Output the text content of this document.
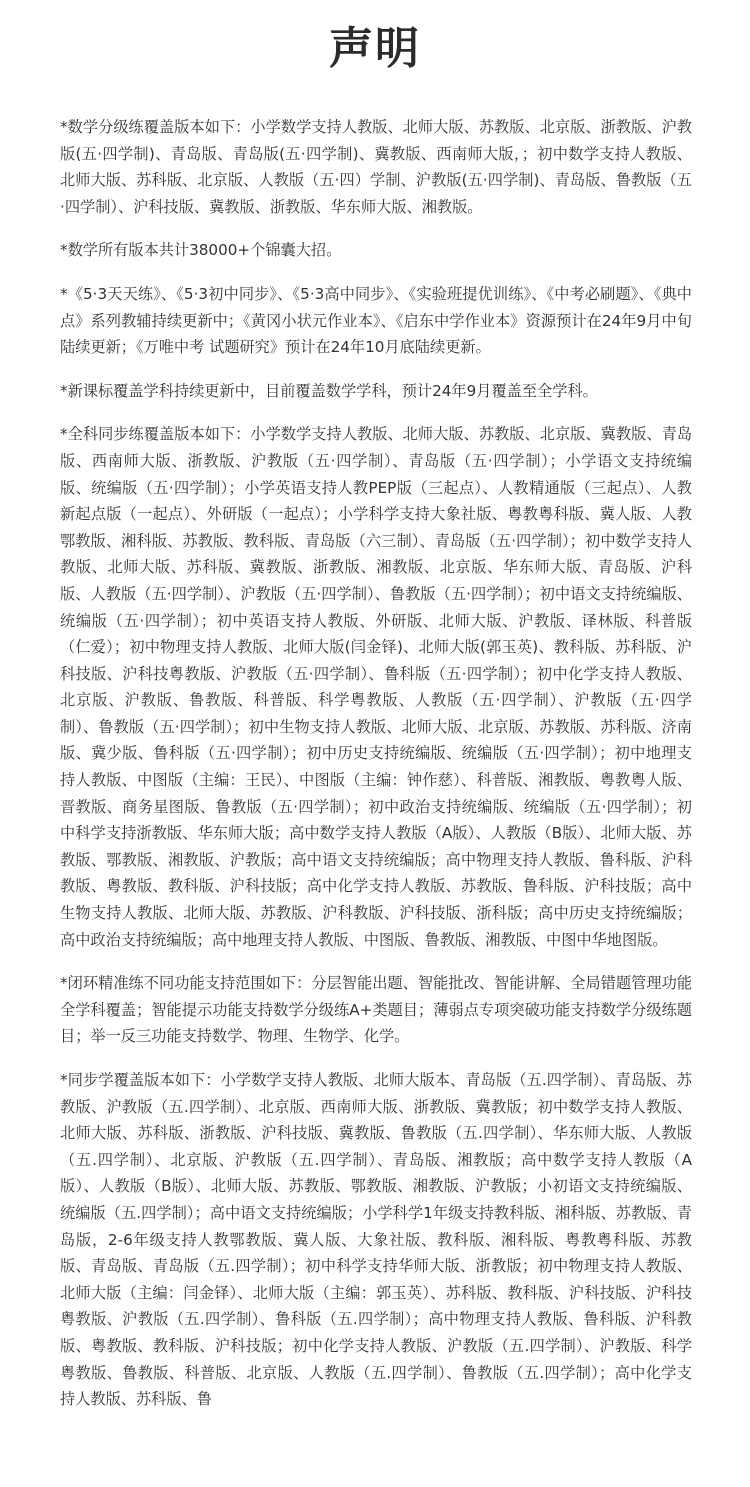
声明

*数学分级练覆盖版本如下：小学数学支持人教版、北师大版、苏教版、北京版、浙教版、沪教版(五·四学制)、青岛版、青岛版(五·四学制)、冀教版、西南师大版，；初中数学支持人教版、北师大版、苏科版、北京版、人教版（五·四）学制、沪教版(五·四学制)、青岛版、鲁教版（五·四学制）、沪科技版、冀教版、浙教版、华东师大版、湘教版。

*数学所有版本共计38000+个锦囊大招。

*《5·3天天练》、《5·3初中同步》、《5·3高中同步》、《实验班提优训练》、《中考必刷题》、《典中点》系列教辅持续更新中；《黄冈小状元作业本》、《启东中学作业本》资源预计在24年9月中旬陆续更新；《万唯中考 试题研究》预计在24年10月底陆续更新。

*新课标覆盖学科持续更新中，目前覆盖数学学科，预计24年9月覆盖至全学科。

*全科同步练覆盖版本如下：小学数学支持人教版、北师大版、苏教版、北京版、冀教版、青岛版、西南师大版、浙教版、沪教版（五·四学制）、青岛版（五·四学制）；小学语文支持统编版、统编版（五·四学制）；小学英语支持人教PEP版（三起点）、人教精通版（三起点）、人教新起点版（一起点）、外研版（一起点）；小学科学支持大象社版、粤教粤科版、冀人版、人教鄂教版、湘科版、苏教版、教科版、青岛版（六三制）、青岛版（五·四学制）；初中数学支持人教版、北师大版、苏科版、冀教版、浙教版、湘教版、北京版、华东师大版、青岛版、沪科版、人教版（五·四学制）、沪教版（五·四学制）、鲁教版（五·四学制）；初中语文支持统编版、统编版（五·四学制）；初中英语支持人教版、外研版、北师大版、沪教版、译林版、科普版（仁爱）；初中物理支持人教版、北师大版(闫金铎)、北师大版(郭玉英)、教科版、苏科版、沪科技版、沪科技粤教版、沪教版（五·四学制）、鲁科版（五·四学制）；初中化学支持人教版、北京版、沪教版、鲁教版、科普版、科学粤教版、人教版（五·四学制）、沪教版（五·四学制）、鲁教版（五·四学制）；初中生物支持人教版、北师大版、北京版、苏教版、苏科版、济南版、冀少版、鲁科版（五·四学制）；初中历史支持统编版、统编版（五·四学制）；初中地理支持人教版、中图版（主编：王民）、中图版（主编：钟作慈）、科普版、湘教版、粤教粤人版、晋教版、商务星图版、鲁教版（五·四学制）；初中政治支持统编版、统编版（五·四学制）；初中科学支持浙教版、华东师大版；高中数学支持人教版（A版）、人教版（B版）、北师大版、苏教版、鄂教版、湘教版、沪教版；高中语文支持统编版；高中物理支持人教版、鲁科版、沪科教版、粤教版、教科版、沪科技版；高中化学支持人教版、苏教版、鲁科版、沪科技版；高中生物支持人教版、北师大版、苏教版、沪科教版、沪科技版、浙科版；高中历史支持统编版；高中政治支持统编版；高中地理支持人教版、中图版、鲁教版、湘教版、中图中华地图版。

*闭环精准练不同功能支持范围如下：分层智能出题、智能批改、智能讲解、全局错题管理功能全学科覆盖；智能提示功能支持数学分级练A+类题目；薄弱点专项突破功能支持数学分级练题目；举一反三功能支持数学、物理、生物学、化学。

*同步学覆盖版本如下：小学数学支持人教版、北师大版本、青岛版（五.四学制）、青岛版、苏教版、沪教版（五.四学制）、北京版、西南师大版、浙教版、冀教版；初中数学支持人教版、北师大版、苏科版、浙教版、沪科技版、冀教版、鲁教版（五.四学制）、华东师大版、人教版（五.四学制）、北京版、沪教版（五.四学制）、青岛版、湘教版；高中数学支持人教版（A版）、人教版（B版）、北师大版、苏教版、鄂教版、湘教版、沪教版；小初语文支持统编版、统编版（五.四学制）；高中语文支持统编版；小学科学1年级支持教科版、湘科版、苏教版、青岛版，2-6年级支持人教鄂教版、冀人版、大象社版、教科版、湘科版、粤教粤科版、苏教版、青岛版、青岛版（五.四学制）；初中科学支持华师大版、浙教版；初中物理支持人教版、北师大版（主编：闫金铎）、北师大版（主编：郭玉英）、苏科版、教科版、沪科技版、沪科技粤教版、沪教版（五.四学制）、鲁科版（五.四学制）；高中物理支持人教版、鲁科版、沪科教版、粤教版、教科版、沪科技版；初中化学支持人教版、沪教版（五.四学制）、沪教版、科学粤教版、鲁教版、科普版、北京版、人教版（五.四学制）、鲁教版（五.四学制）；高中化学支持人教版、苏科版、鲁
